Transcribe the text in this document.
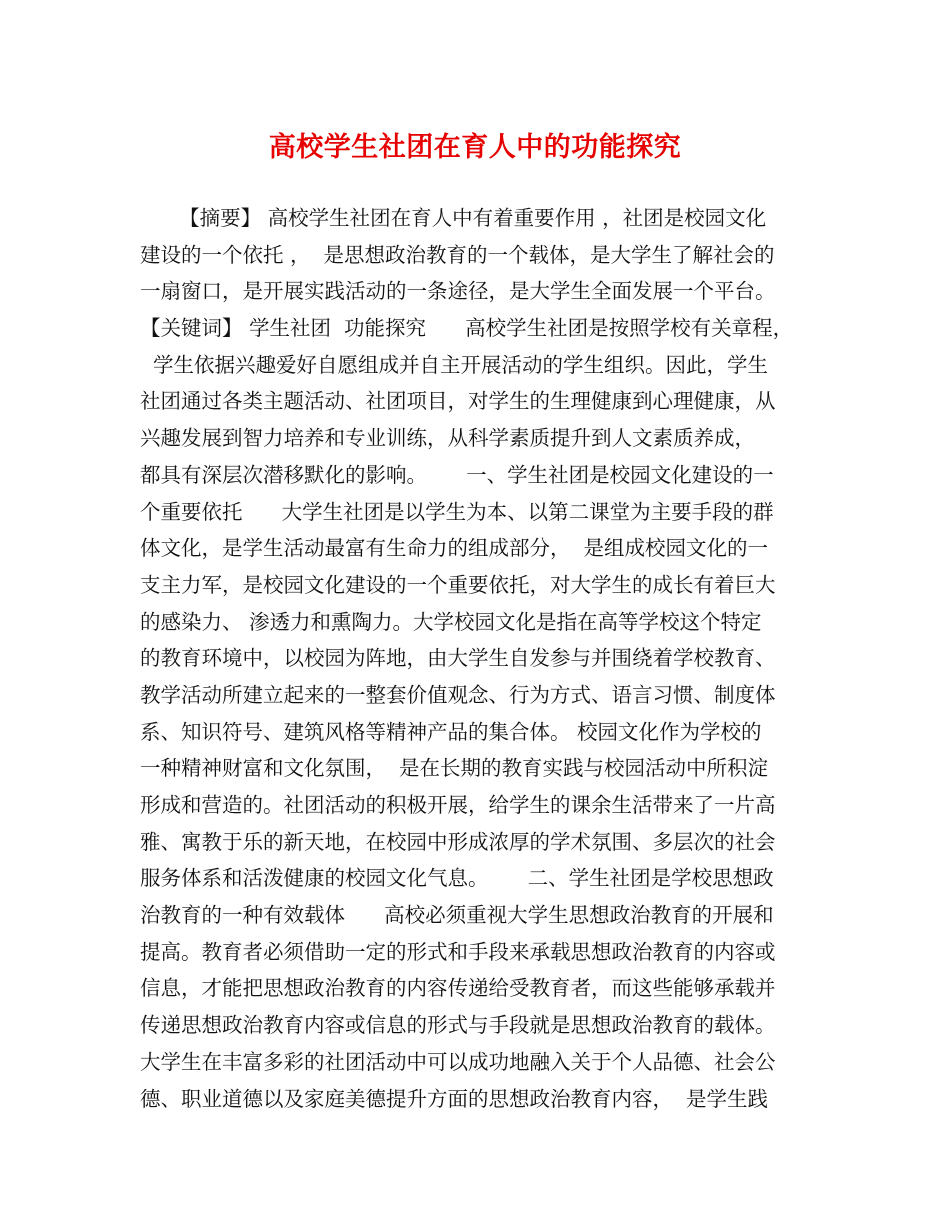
高校学生社团在育人中的功能探究
【摘要】 高校学生社团在育人中有着重要作用 ，社团是校园文化
建设的一个依托 ，  是思想政治教育的一个载体，是大学生了解社会的
一扇窗口，是开展实践活动的一条途径，是大学生全面发展一个平台。
【关键词】 学生社团  功能探究      高校学生社团是按照学校有关章程，
学生依据兴趣爱好自愿组成并自主开展活动的学生组织。因此，学生
社团通过各类主题活动、社团项目，对学生的生理健康到心理健康，从
兴趣发展到智力培养和专业训练，从科学素质提升到人文素质养成，
都具有深层次潜移默化的影响。      一、学生社团是校园文化建设的一
个重要依托      大学生社团是以学生为本、以第二课堂为主要手段的群
体文化，是学生活动最富有生命力的组成部分，  是组成校园文化的一
支主力军，是校园文化建设的一个重要依托，对大学生的成长有着巨大
的感染力、 渗透力和熏陶力。大学校园文化是指在高等学校这个特定
的教育环境中，以校园为阵地，由大学生自发参与并围绕着学校教育、
教学活动所建立起来的一整套价值观念、行为方式、语言习惯、制度体
系、知识符号、建筑风格等精神产品的集合体。 校园文化作为学校的
一种精神财富和文化氛围，  是在长期的教育实践与校园活动中所积淀
形成和营造的。社团活动的积极开展，给学生的课余生活带来了一片高
雅、寓教于乐的新天地，在校园中形成浓厚的学术氛围、多层次的社会
服务体系和活泼健康的校园文化气息。      二、学生社团是学校思想政
治教育的一种有效载体      高校必须重视大学生思想政治教育的开展和
提高。教育者必须借助一定的形式和手段来承载思想政治教育的内容或
信息，才能把思想政治教育的内容传递给受教育者，而这些能够承载并
传递思想政治教育内容或信息的形式与手段就是思想政治教育的载体。
大学生在丰富多彩的社团活动中可以成功地融入关于个人品德、社会公
德、职业道德以及家庭美德提升方面的思想政治教育内容，  是学生践
